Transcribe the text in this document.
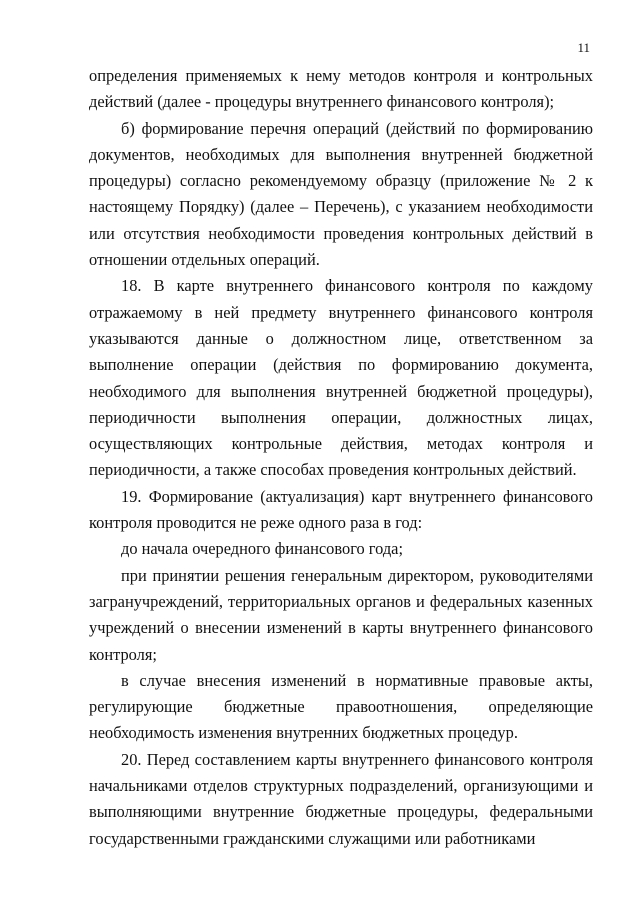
11

определения применяемых к нему методов контроля и контрольных действий (далее - процедуры внутреннего финансового контроля);

б) формирование перечня операций (действий по формированию документов, необходимых для выполнения внутренней бюджетной процедуры) согласно рекомендуемому образцу (приложение № 2 к настоящему Порядку) (далее – Перечень), с указанием необходимости или отсутствия необходимости проведения контрольных действий в отношении отдельных операций.

18. В карте внутреннего финансового контроля по каждому отражаемому в ней предмету внутреннего финансового контроля указываются данные о должностном лице, ответственном за выполнение операции (действия по формированию документа, необходимого для выполнения внутренней бюджетной процедуры), периодичности выполнения операции, должностных лицах, осуществляющих контрольные действия, методах контроля и периодичности, а также способах проведения контрольных действий.

19. Формирование (актуализация) карт внутреннего финансового контроля проводится не реже одного раза в год:

до начала очередного финансового года;

при принятии решения генеральным директором, руководителями загранучреждений, территориальных органов и федеральных казенных учреждений о внесении изменений в карты внутреннего финансового контроля;

в случае внесения изменений в нормативные правовые акты, регулирующие бюджетные правоотношения, определяющие необходимость изменения внутренних бюджетных процедур.

20. Перед составлением карты внутреннего финансового контроля начальниками отделов структурных подразделений, организующими и выполняющими внутренние бюджетные процедуры, федеральными государственными гражданскими служащими или работниками
